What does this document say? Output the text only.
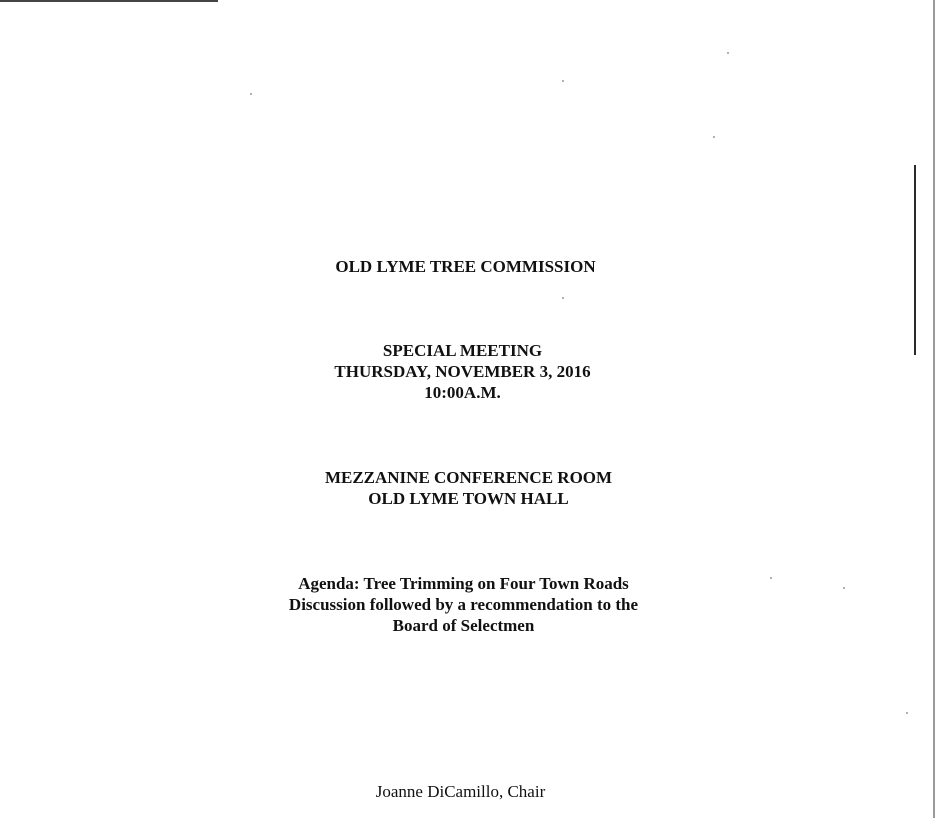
OLD LYME TREE COMMISSION
SPECIAL MEETING
THURSDAY, NOVEMBER 3, 2016
10:00A.M.
MEZZANINE CONFERENCE ROOM
OLD LYME TOWN HALL
Agenda: Tree Trimming on Four Town Roads
Discussion followed by a recommendation to the
Board of Selectmen
Joanne DiCamillo, Chair
